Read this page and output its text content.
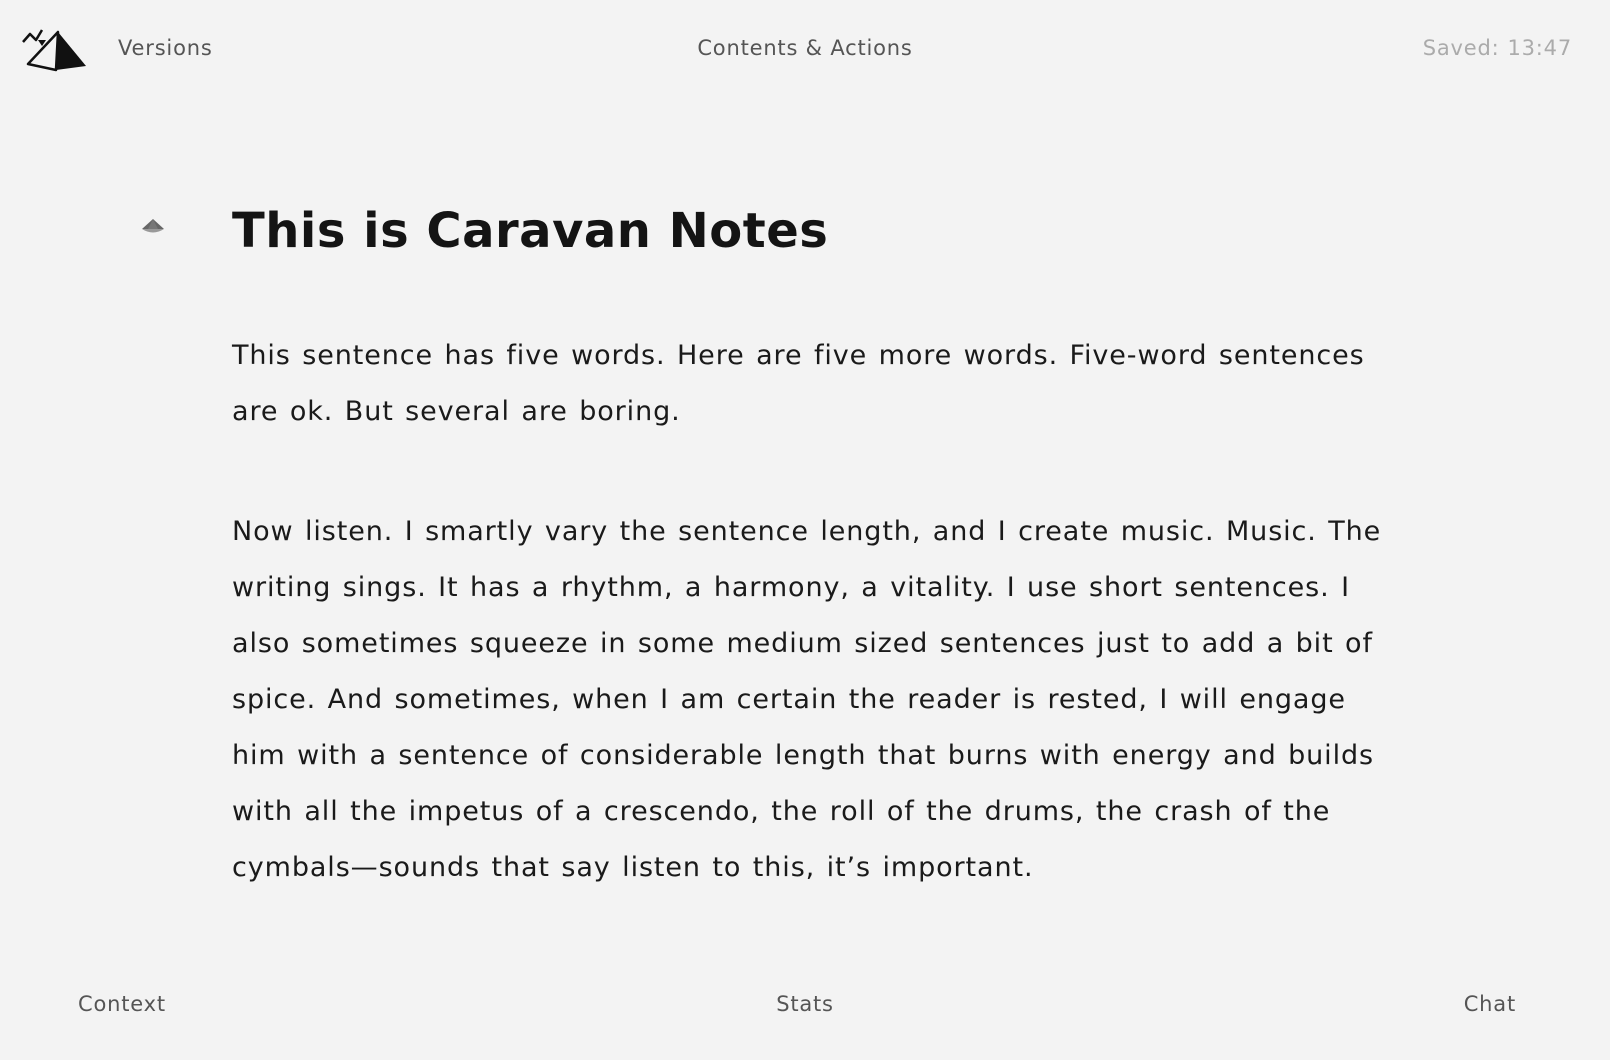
Versions	Contents & Actions	Saved: 13:47
This is Caravan Notes

This sentence has five words. Here are five more words. Five-word sentences are ok. But several are boring.

Now listen. I smartly vary the sentence length, and I create music. Music. The writing sings. It has a rhythm, a harmony, a vitality. I use short sentences. I also sometimes squeeze in some medium sized sentences just to add a bit of spice. And sometimes, when I am certain the reader is rested, I will engage him with a sentence of considerable length that burns with energy and builds with all the impetus of a crescendo, the roll of the drums, the crash of the cymbals—sounds that say listen to this, it’s important.

Context	Stats	Chat
